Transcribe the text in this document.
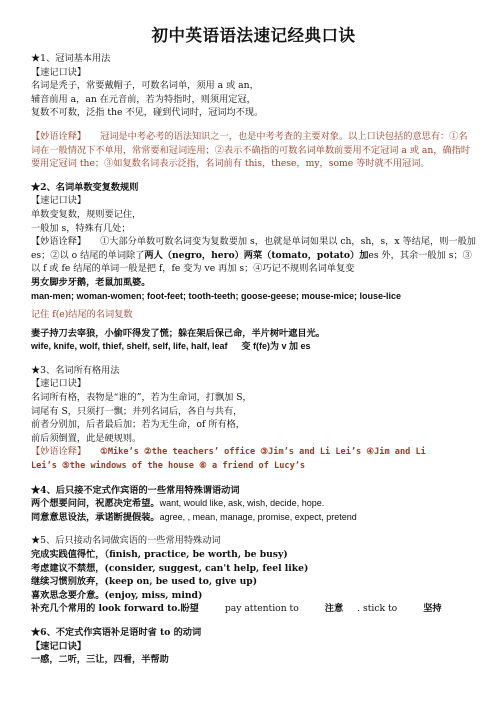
初中英语语法速记经典口诀
★1、冠词基本用法
【速记口诀】
名词是秃子，常要戴帽子，可数名词单，须用 a 或 an，
辅音前用 a，an 在元音前，若为特指时，则须用定冠，
复数不可数，泛指 the 不见，碰到代词时，冠词均不现。
【妙语诠释】 冠词是中考必考的语法知识之一，也是中考考查的主要对象。以上口诀包括的意思有：①名词在一般情况下不单用，常常要和冠词连用；②表示不确指的可数名词单数前要用不定冠词 a 或 an，确指时要用定冠词 the；③如复数名词表示泛指，名词前有 this，these，my，some 等时就不用冠词。
★2、名词单数变复数规则
【速记口诀】
单数变复数，规则要记住，
一般加 s，特殊有几处；
【妙语诠释】 ①大部分单数可数名词变为复数要加 s，也就是单词如果以 ch，sh，s，x 等结尾，则一般加 es；②以 o 结尾的单词除了两人（negro，hero）两菜（tomato，potato）加es 外，其余一般加 s；③以 f 或 fe 结尾的单词一般是把 f，fe 变为 ve 再加 s；④巧记不规则名词单复变
男女脚步牙鹅，老鼠加虱婆。
man-men; woman-women; foot-feet; tooth-teeth; goose-geese; mouse-mice; louse-lice
记住 f(e)结尾的名词复数
妻子持刀去宰狼，小偷吓得发了慌；躲在架后保己命，半片树叶遮目光。
wife, knife, wolf, thief, shelf, self, life, half, leaf 变 f(fe)为 v 加 es
★3、名词所有格用法
【速记口诀】
名词所有格，表物是“谁的”，若为生命词，打飘加 S，
词尾有 S，只须打一飘；并列名词后，各自与共有，
前者分别加，后者最后加；若为无生命，of 所有格，
前后须倒置，此是硬规则。
【妙语诠释】 ①Mike’s ②the teachers’ office ③Jim’s and Li Lei’s ④Jim and Li
Lei’s ⑤the windows of the house ⑥ a friend of Lucy’s
★4、后只接不定式作宾语的一些常用特殊谓语动词
两个想要问问，祝愿决定希望。want, would like, ask, wish, decide, hope.
同意意思设法，承诺断提假装。agree, , mean, manage, promise, expect, pretend
★5、后只接动名词做宾语的一些常用特殊动词
完成实践值得忙，（finish, practice, be worth, be busy)
考虑建议不禁想，(consider, suggest, can't help, feel like)
继续习惯别放弃，(keep on, be used to, give up)
喜欢思念要介意。(enjoy, miss, mind)
补充几个常用的 look forward to.盼望	pay attention to	注意 . stick to	坚持
★6、不定式作宾语补足语时省 to 的动词
【速记口诀】
一感，二听，三让，四看，半帮助
